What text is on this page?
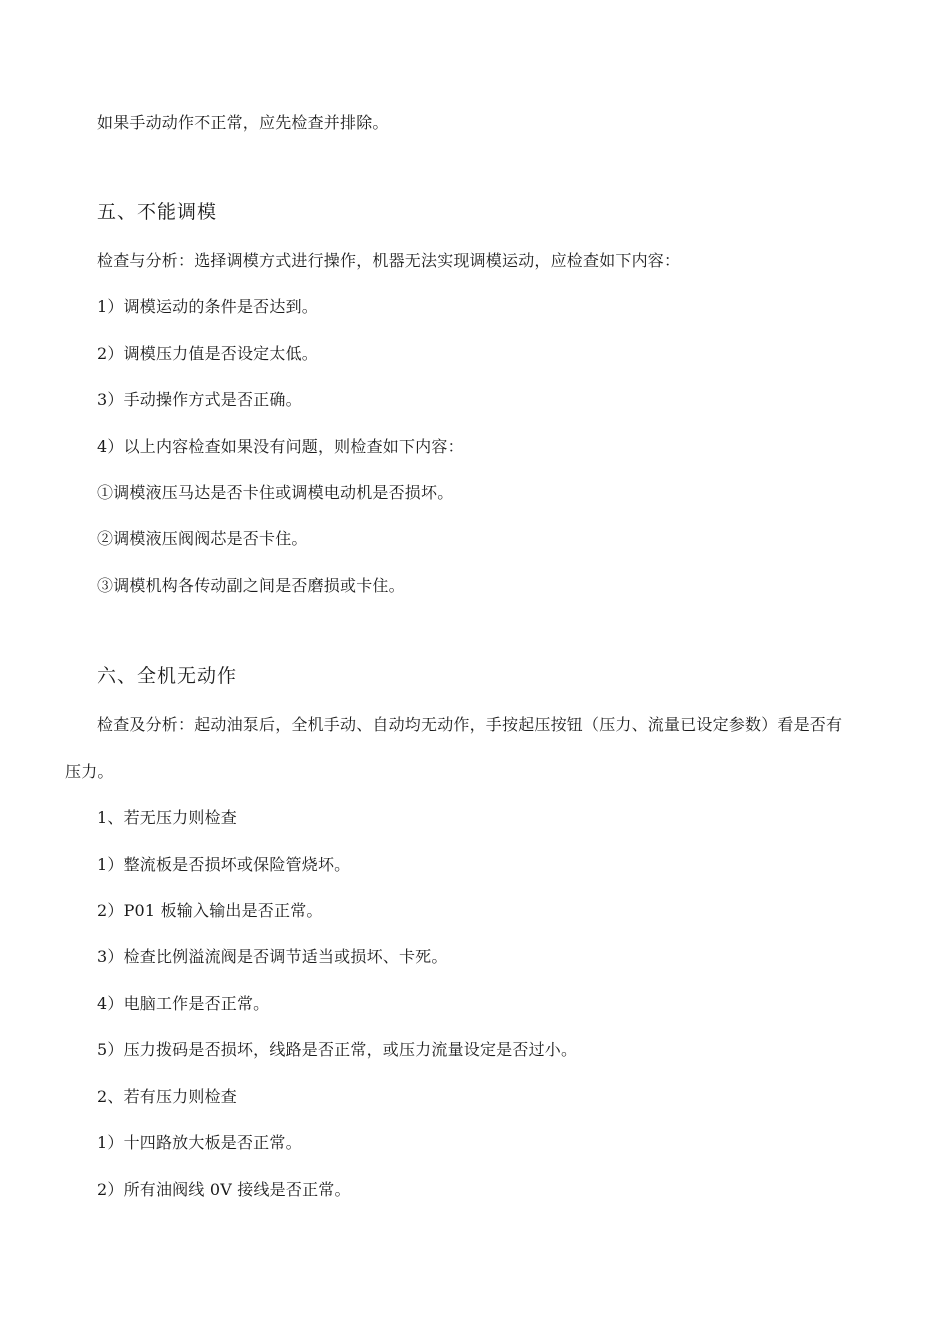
如果手动动作不正常，应先检查并排除。
五、不能调模
检查与分析：选择调模方式进行操作，机器无法实现调模运动，应检查如下内容：
1）调模运动的条件是否达到。
2）调模压力值是否设定太低。
3）手动操作方式是否正确。
4）以上内容检查如果没有问题，则检查如下内容：
①调模液压马达是否卡住或调模电动机是否损坏。
②调模液压阀阀芯是否卡住。
③调模机构各传动副之间是否磨损或卡住。
六、全机无动作
检查及分析：起动油泵后，全机手动、自动均无动作，手按起压按钮（压力、流量已设定参数）看是否有
压力。
1、若无压力则检查
1）整流板是否损坏或保险管烧坏。
2）P01 板输入输出是否正常。
3）检查比例溢流阀是否调节适当或损坏、卡死。
4）电脑工作是否正常。
5）压力拨码是否损坏，线路是否正常，或压力流量设定是否过小。
2、若有压力则检查
1）十四路放大板是否正常。
2）所有油阀线 0V 接线是否正常。
